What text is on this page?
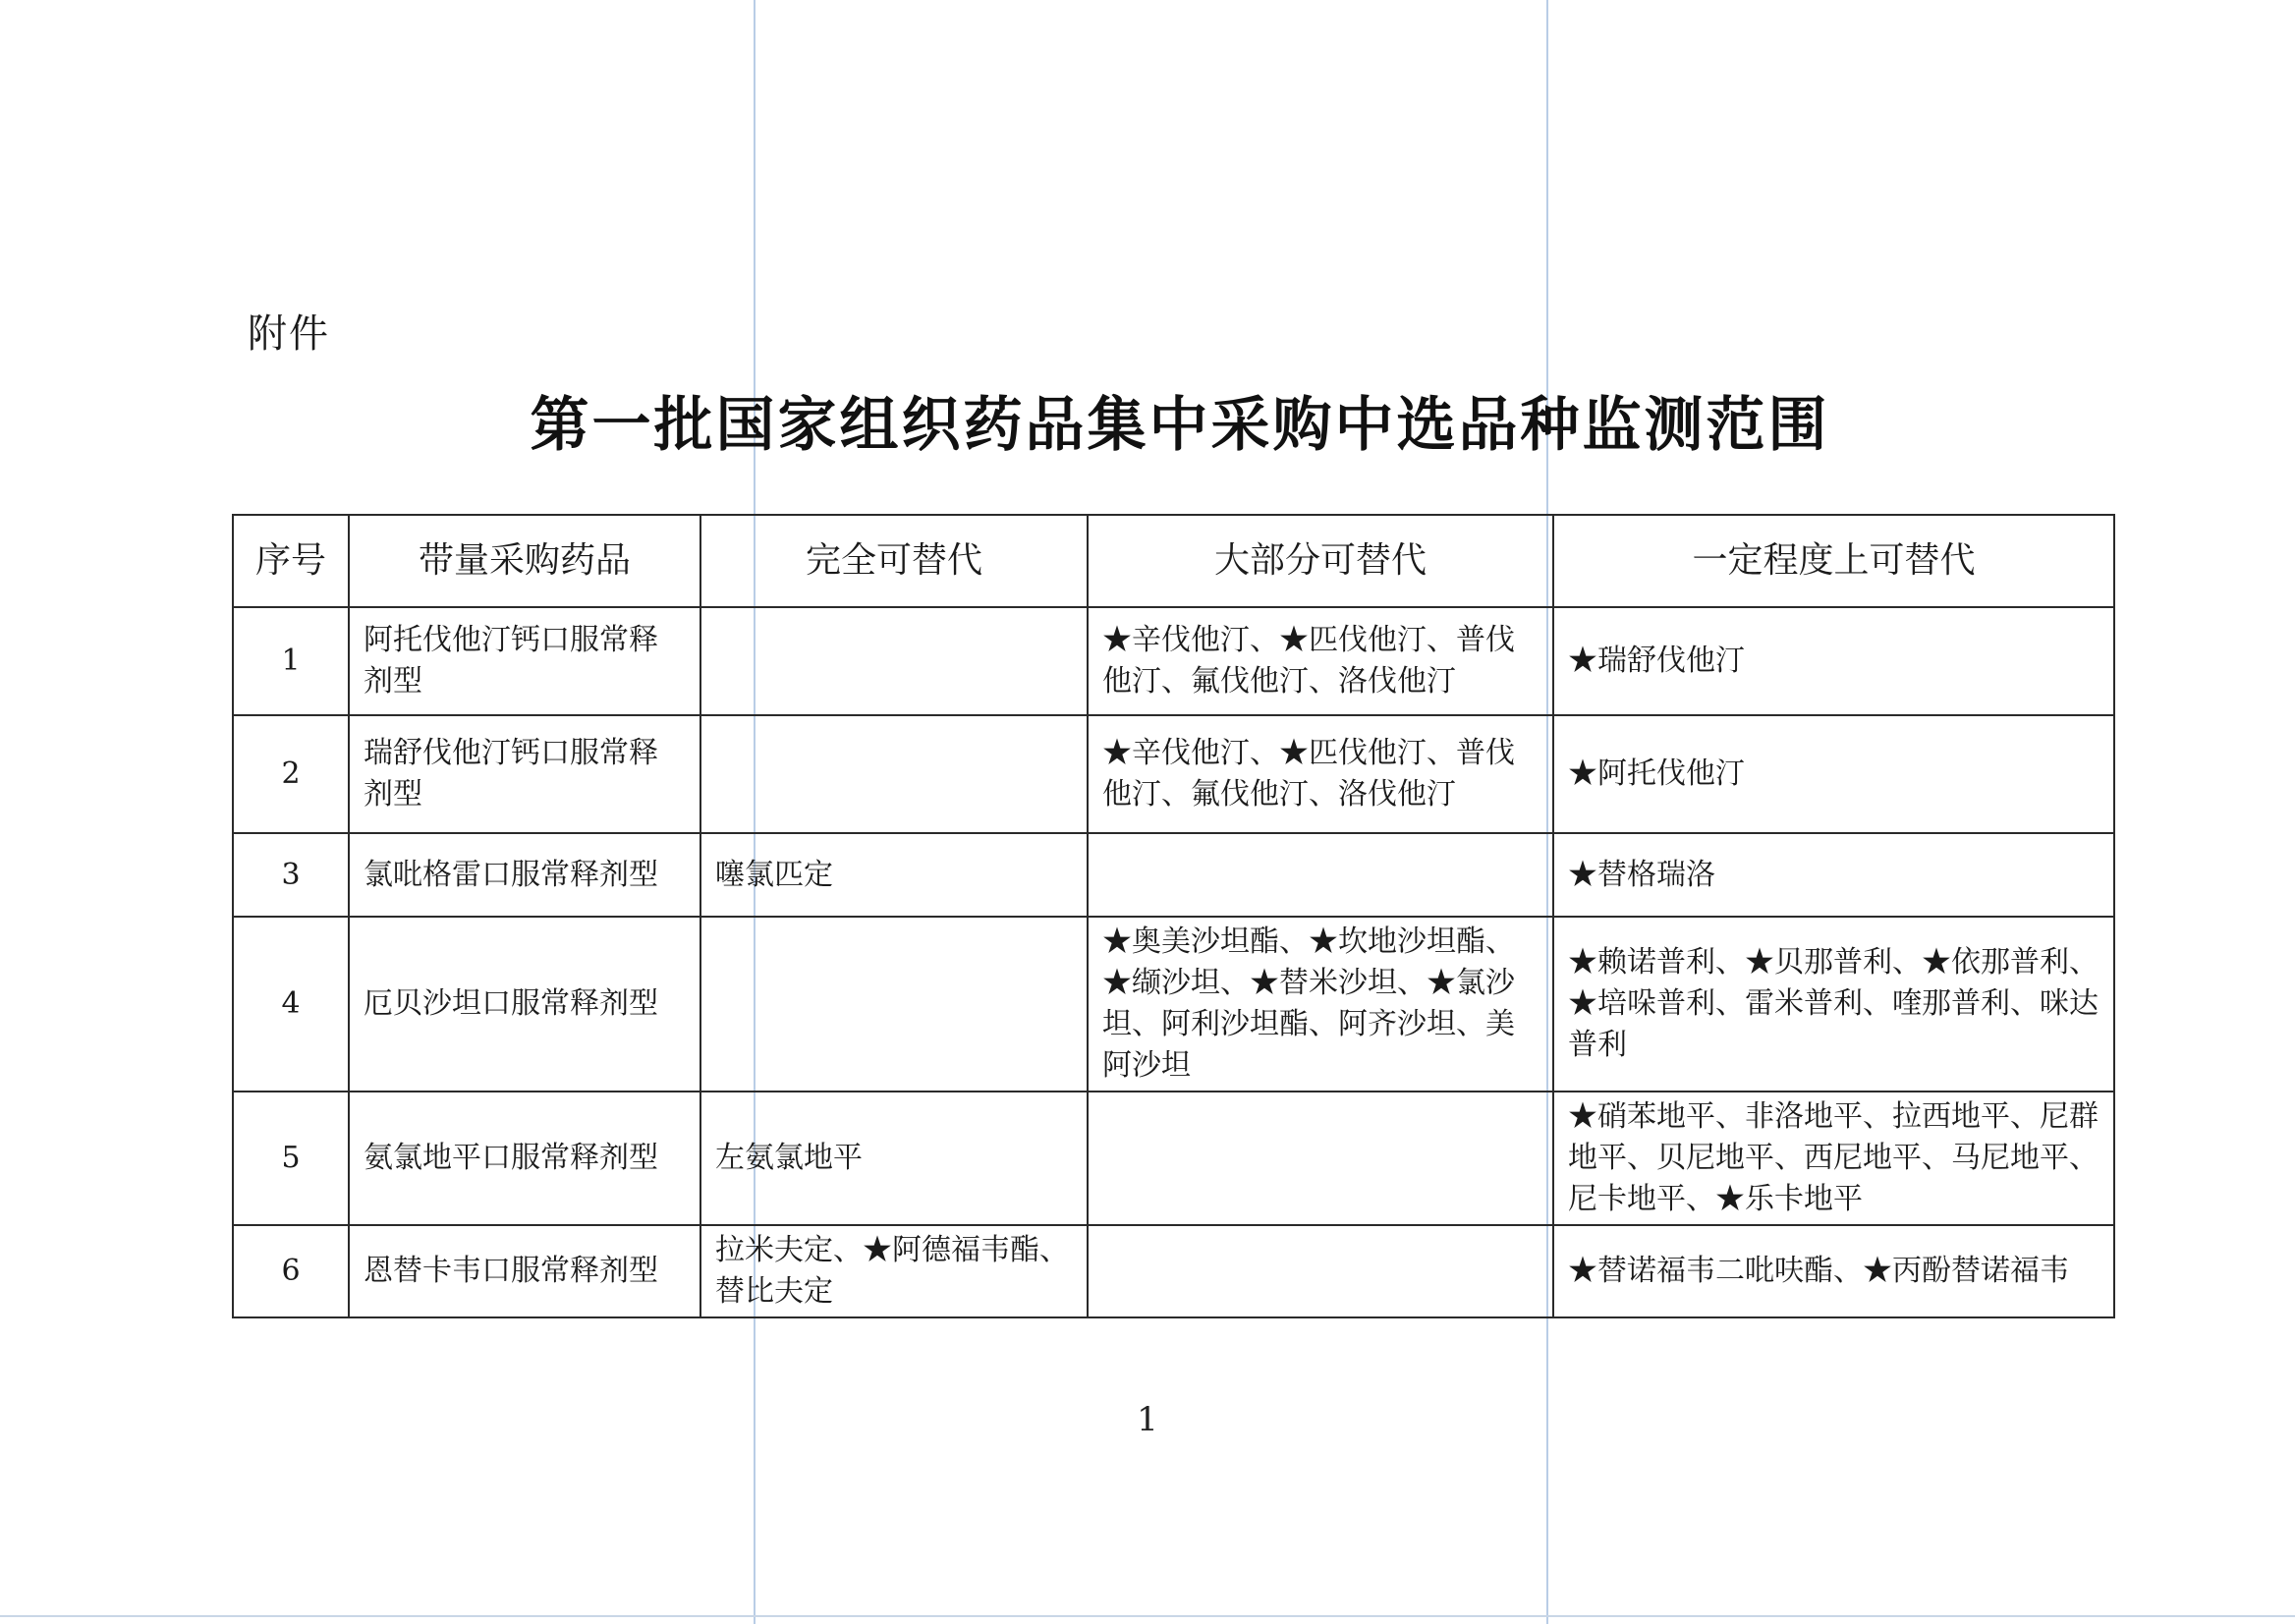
附件
第一批国家组织药品集中采购中选品种监测范围
序号	带量采购药品	完全可替代	大部分可替代	一定程度上可替代
1	阿托伐他汀钙口服常释剂型		★辛伐他汀、★匹伐他汀、普伐他汀、氟伐他汀、洛伐他汀	★瑞舒伐他汀
2	瑞舒伐他汀钙口服常释剂型		★辛伐他汀、★匹伐他汀、普伐他汀、氟伐他汀、洛伐他汀	★阿托伐他汀
3	氯吡格雷口服常释剂型	噻氯匹定		★替格瑞洛
4	厄贝沙坦口服常释剂型		★奥美沙坦酯、★坎地沙坦酯、★缬沙坦、★替米沙坦、★氯沙坦、阿利沙坦酯、阿齐沙坦、美阿沙坦	★赖诺普利、★贝那普利、★依那普利、★培哚普利、雷米普利、喹那普利、咪达普利
5	氨氯地平口服常释剂型	左氨氯地平		★硝苯地平、非洛地平、拉西地平、尼群地平、贝尼地平、西尼地平、马尼地平、尼卡地平、★乐卡地平
6	恩替卡韦口服常释剂型	拉米夫定、★阿德福韦酯、替比夫定		★替诺福韦二吡呋酯、★丙酚替诺福韦
1
